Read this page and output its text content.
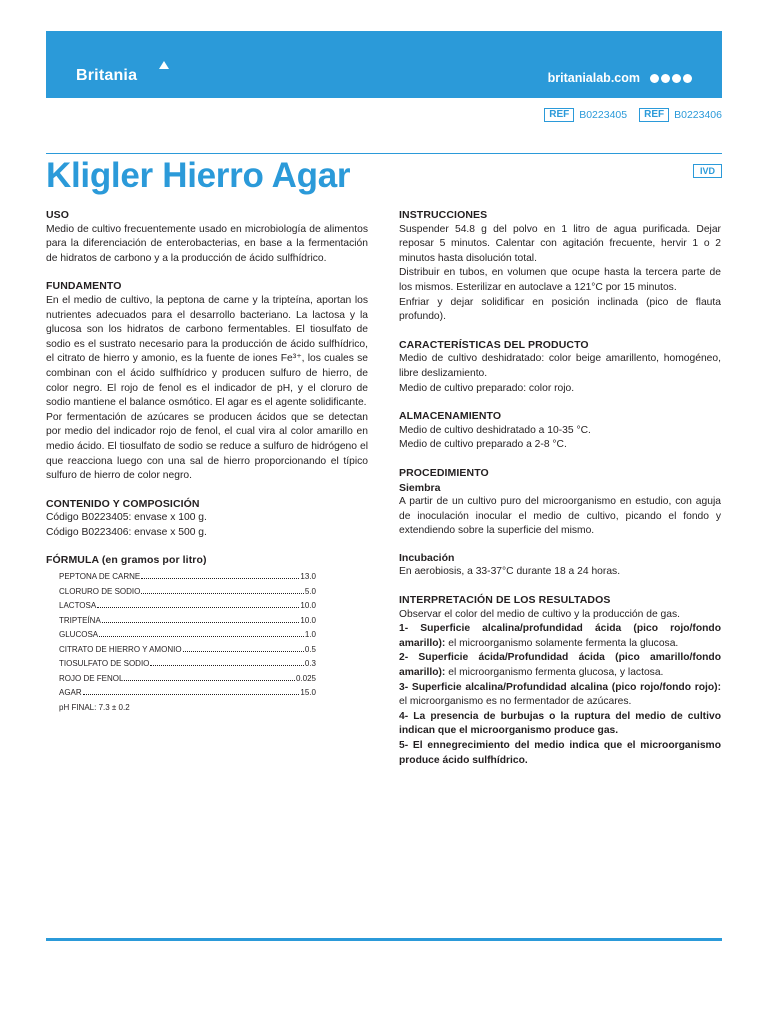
Britania	britanialab.com
REF B0223405	REF B0223406
Kligler Hierro Agar	IVD
USO

Medio de cultivo frecuentemente usado en microbiología de alimentos para la diferenciación de enterobacterias, en base a la fermentación de hidratos de carbono y a la producción de ácido sulfhídrico.

FUNDAMENTO

En el medio de cultivo, la peptona de carne y la tripteína, aportan los nutrientes adecuados para el desarrollo bacteriano. La lactosa y la glucosa son los hidratos de carbono fermentables. El tiosulfato de sodio es el sustrato necesario para la producción de ácido sulfhídrico, el citrato de hierro y amonio, es la fuente de iones Fe³⁺, los cuales se combinan con el ácido sulfhídrico y producen sulfuro de hierro, de color negro. El rojo de fenol es el indicador de pH, y el cloruro de sodio mantiene el balance osmótico. El agar es el agente solidificante.

Por fermentación de azúcares se producen ácidos que se detectan por medio del indicador rojo de fenol, el cual vira al color amarillo en medio ácido. El tiosulfato de sodio se reduce a sulfuro de hidrógeno el que reacciona luego con una sal de hierro proporcionando el típico sulfuro de hierro de color negro.

CONTENIDO Y COMPOSICIÓN
Código B0223405: envase x 100 g.
Código B0223406: envase x 500 g.
FÓRMULA (en gramos por litro)
PEPTONA DE CARNE	13.0
CLORURO DE SODIO	5.0
LACTOSA	10.0
TRIPTEÍNA	10.0
GLUCOSA	1.0
CITRATO DE HIERRO Y AMONIO	0.5
TIOSULFATO DE SODIO	0.3
ROJO DE FENOL	0.025
AGAR	15.0
pH FINAL: 7.3 ± 0.2
INSTRUCCIONES

Suspender 54.8 g del polvo en 1 litro de agua purificada. Dejar reposar 5 minutos. Calentar con agitación frecuente, hervir 1 o 2 minutos hasta disolución total.

Distribuir en tubos, en volumen que ocupe hasta la tercera parte de los mismos. Esterilizar en autoclave a 121°C por 15 minutos.

Enfriar y dejar solidificar en posición inclinada (pico de flauta profundo).

CARACTERÍSTICAS DEL PRODUCTO

Medio de cultivo deshidratado: color beige amarillento, homogéneo, libre deslizamiento.

Medio de cultivo preparado: color rojo.

ALMACENAMIENTO
Medio de cultivo deshidratado a 10-35 °C.
Medio de cultivo preparado a 2-8 °C.
PROCEDIMIENTO
Siembra

A partir de un cultivo puro del microorganismo en estudio, con aguja de inoculación inocular el medio de cultivo, picando el fondo y extendiendo sobre la superficie del mismo.

Incubación

En aerobiosis, a 33-37°C durante 18 a 24 horas.

INTERPRETACIÓN DE LOS RESULTADOS

Observar el color del medio de cultivo y la producción de gas.

1- Superficie alcalina/profundidad ácida (pico rojo/fondo amarillo): el microorganismo solamente fermenta la glucosa.

2- Superficie ácida/Profundidad ácida (pico amarillo/fondo amarillo): el microorganismo fermenta glucosa, y lactosa.

3- Superficie alcalina/Profundidad alcalina (pico rojo/fondo rojo): el microorganismo es no fermentador de azúcares.

4- La presencia de burbujas o la ruptura del medio de cultivo indican que el microorganismo produce gas.

5- El ennegrecimiento del medio indica que el microorganismo produce ácido sulfhídrico.
